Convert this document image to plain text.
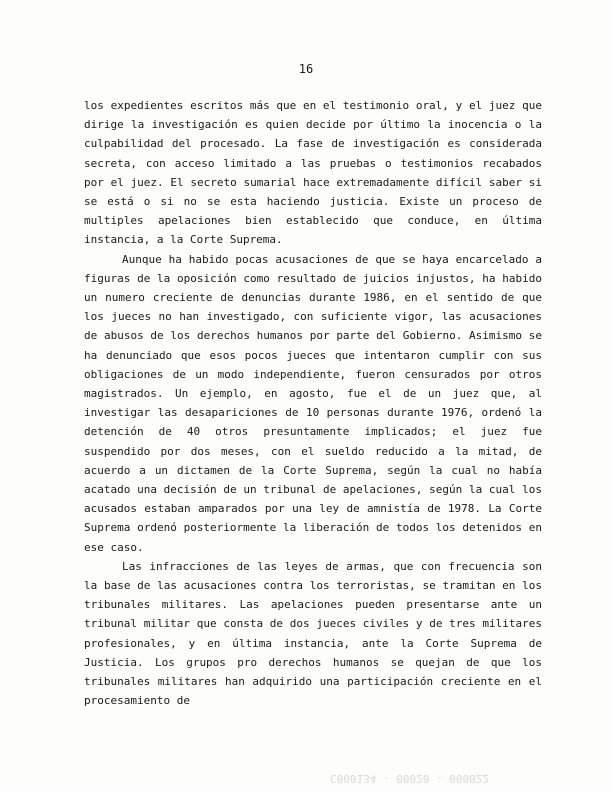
16

los expedientes escritos más que en el testimonio oral, y el juez que dirige la investigación es quien decide por último la inocencia o la culpabilidad del procesado. La fase de investigación es considerada secreta, con acceso limitado a las pruebas o testimonios recabados por el juez. El secreto sumarial hace extremadamente difícil saber si se está o si no se esta haciendo justicia. Existe un proceso de multiples apelaciones bien establecido que conduce, en última instancia, a la Corte Suprema.

Aunque ha habido pocas acusaciones de que se haya encarcelado a figuras de la oposición como resultado de juicios injustos, ha habido un numero creciente de denuncias durante 1986, en el sentido de que los jueces no han investigado, con suficiente vigor, las acusaciones de abusos de los derechos humanos por parte del Gobierno. Asimismo se ha denunciado que esos pocos jueces que intentaron cumplir con sus obligaciones de un modo independiente, fueron censurados por otros magistrados. Un ejemplo, en agosto, fue el de un juez que, al investigar las desapariciones de 10 personas durante 1976, ordenó la detención de 40 otros presuntamente implicados; el juez fue suspendido por dos meses, con el sueldo reducido a la mitad, de acuerdo a un dictamen de la Corte Suprema, según la cual no había acatado una decisión de un tribunal de apelaciones, según la cual los acusados estaban amparados por una ley de amnistía de 1978. La Corte Suprema ordenó posteriormente la liberación de todos los detenidos en ese caso.

Las infracciones de las leyes de armas, que con frecuencia son la base de las acusaciones contra los terroristas, se tramitan en los tribunales militares. Las apelaciones pueden presentarse ante un tribunal militar que consta de dos jueces civiles y de tres militares profesionales, y en última instancia, ante la Corte Suprema de Justicia. Los grupos pro derechos humanos se quejan de que los tribunales militares han adquirido una participación creciente en el procesamiento de

C000134 - 00020 - 000022
